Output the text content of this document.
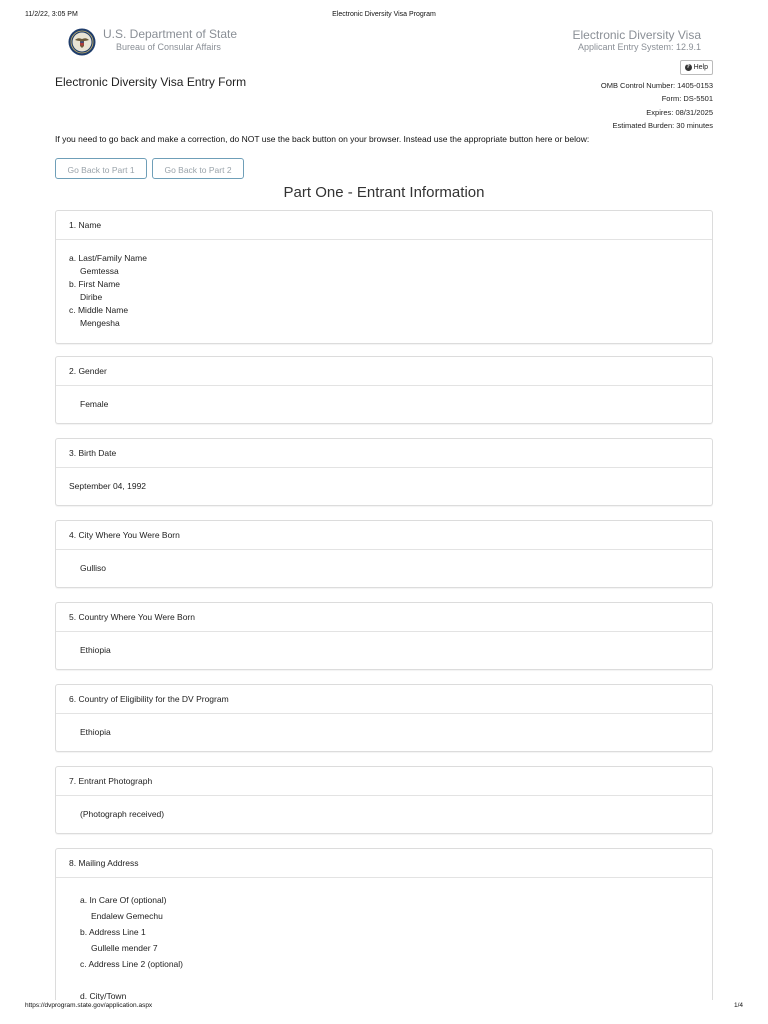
11/2/22, 3:05 PM	Electronic Diversity Visa Program
U.S. Department of State
Bureau of Consular Affairs
Electronic Diversity Visa
Applicant Entry System: 12.9.1
? Help
Electronic Diversity Visa Entry Form	OMB Control Number: 1405-0153
Form: DS-5501
Expires: 08/31/2025
Estimated Burden: 30 minutes
If you need to go back and make a correction, do NOT use the back button on your browser. Instead use the appropriate button here or below:
Go Back to Part 1	Go Back to Part 2
Part One - Entrant Information
1. Name
a. Last/Family Name
Gemtessa
b. First Name
Diribe
c. Middle Name
Mengesha
2. Gender
Female
3. Birth Date
September 04, 1992
4. City Where You Were Born
Gulliso
5. Country Where You Were Born
Ethiopia
6. Country of Eligibility for the DV Program
Ethiopia
7. Entrant Photograph
(Photograph received)
8. Mailing Address
a. In Care Of (optional)
Endalew Gemechu
b. Address Line 1
Gullelle mender 7
c. Address Line 2 (optional)
d. City/Town
https://dvprogram.state.gov/application.aspx	1/4
